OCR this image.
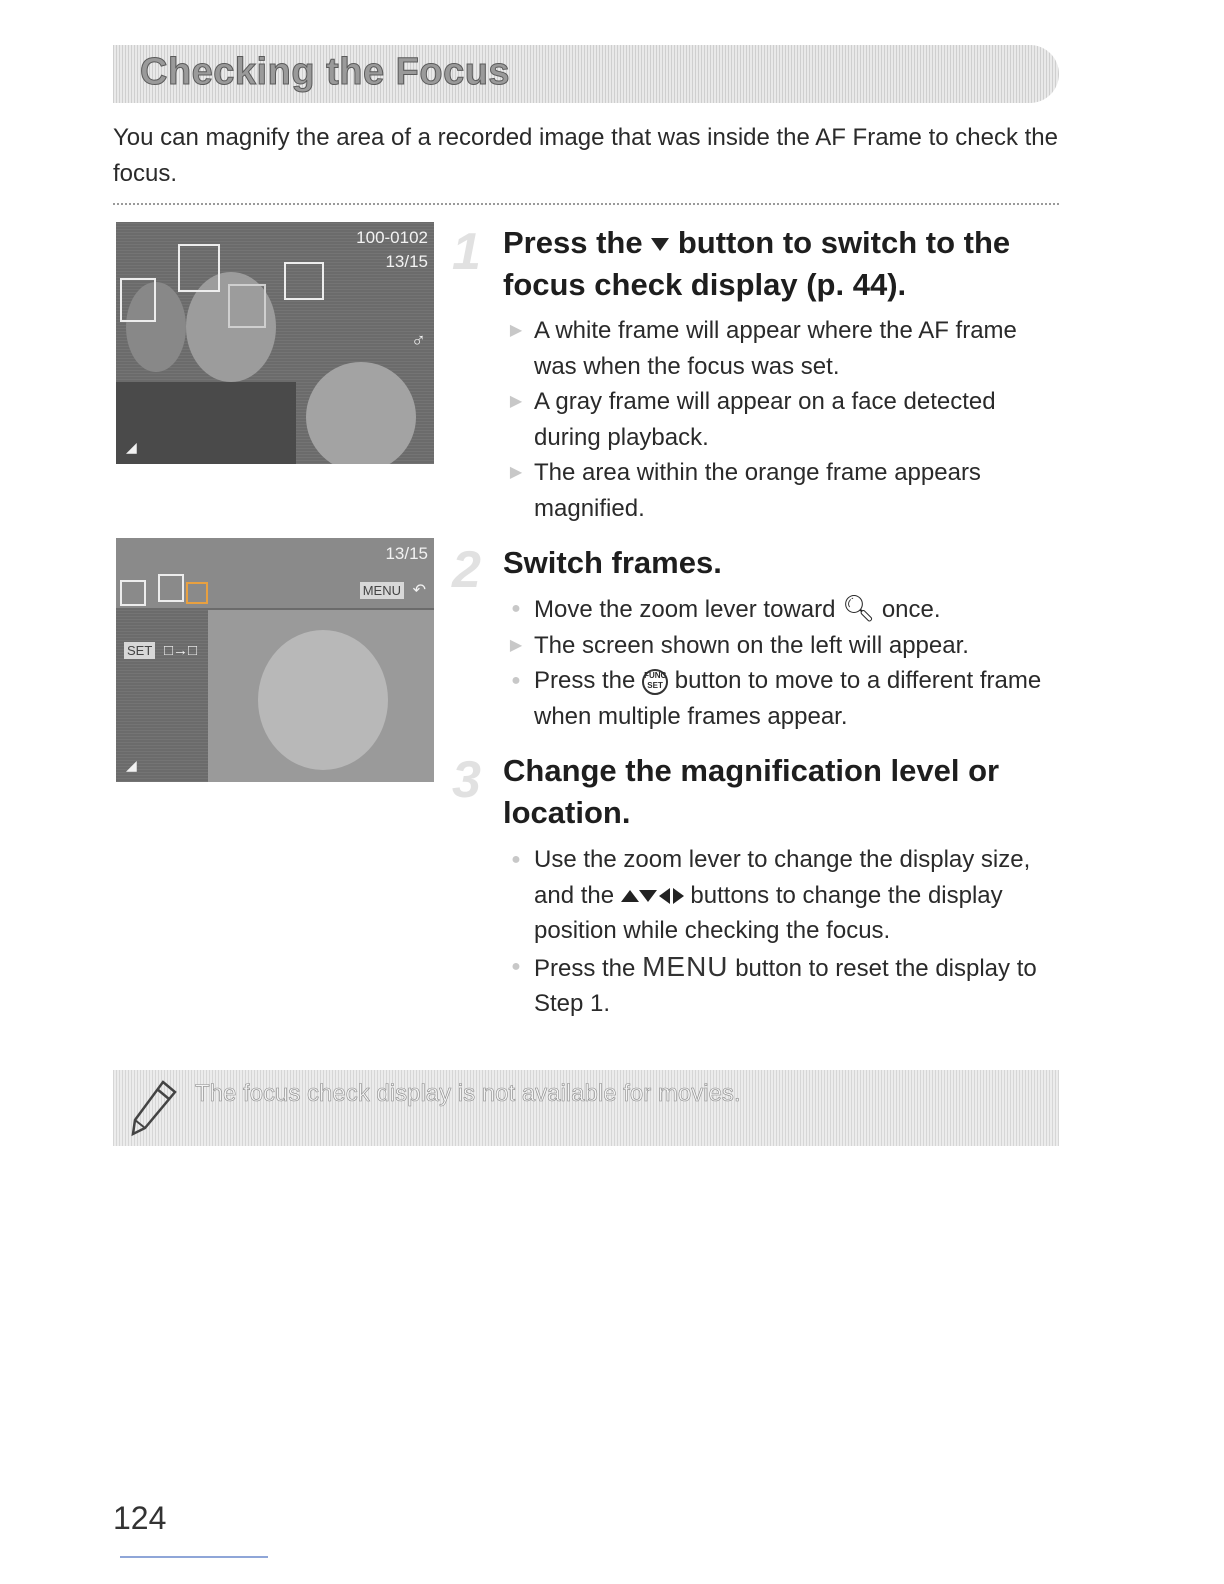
Checking the Focus
You can magnify the area of a recorded image that was inside the AF Frame to check the focus.
100-0102
13/15
♂
◢
13/15
MENU ↶
SET □→□
◢
1 Press the button to switch to the focus check display (p. 44).
▶ A white frame will appear where the AF frame was when the focus was set.
▶ A gray frame will appear on a face detected during playback.
▶ The area within the orange frame appears magnified.
2 Switch frames.
● Move the zoom lever toward 🔍︎ once.
▶ The screen shown on the left will appear.
● Press the FUNC
SET button to move to a different frame when multiple frames appear.
3 Change the magnification level or location.
● Use the zoom lever to change the display size, and the	buttons to change the display position while checking the focus.
● Press the MENU button to reset the display to Step 1.
The focus check display is not available for movies.
124
